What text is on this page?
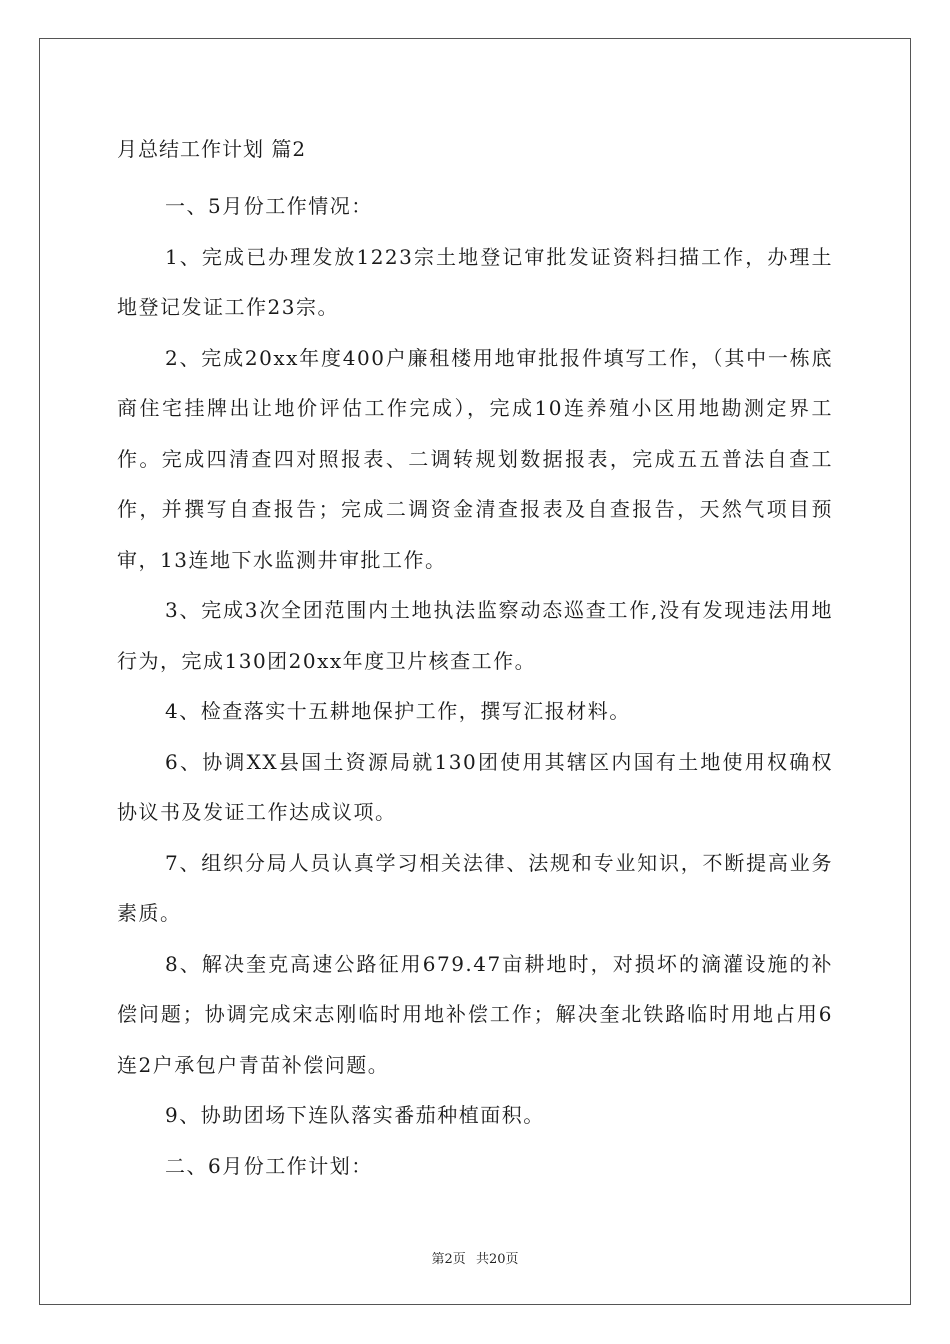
月总结工作计划 篇2

一、5月份工作情况：

1、完成已办理发放1223宗土地登记审批发证资料扫描工作，办理土地登记发证工作23宗。

2、完成20xx年度400户廉租楼用地审批报件填写工作，（其中一栋底商住宅挂牌出让地价评估工作完成），完成10连养殖小区用地勘测定界工作。完成四清查四对照报表、二调转规划数据报表，完成五五普法自查工作，并撰写自查报告；完成二调资金清查报表及自查报告，天然气项目预审，13连地下水监测井审批工作。

3、完成3次全团范围内土地执法监察动态巡查工作,没有发现违法用地行为，完成130团20xx年度卫片核查工作。

4、检查落实十五耕地保护工作，撰写汇报材料。

6、协调XX县国土资源局就130团使用其辖区内国有土地使用权确权协议书及发证工作达成议项。

7、组织分局人员认真学习相关法律、法规和专业知识，不断提高业务素质。

8、解决奎克高速公路征用679.47亩耕地时，对损坏的滴灌设施的补偿问题；协调完成宋志刚临时用地补偿工作；解决奎北铁路临时用地占用6连2户承包户青苗补偿问题。

9、协助团场下连队落实番茄种植面积。

二、6月份工作计划：

第2页 共20页
